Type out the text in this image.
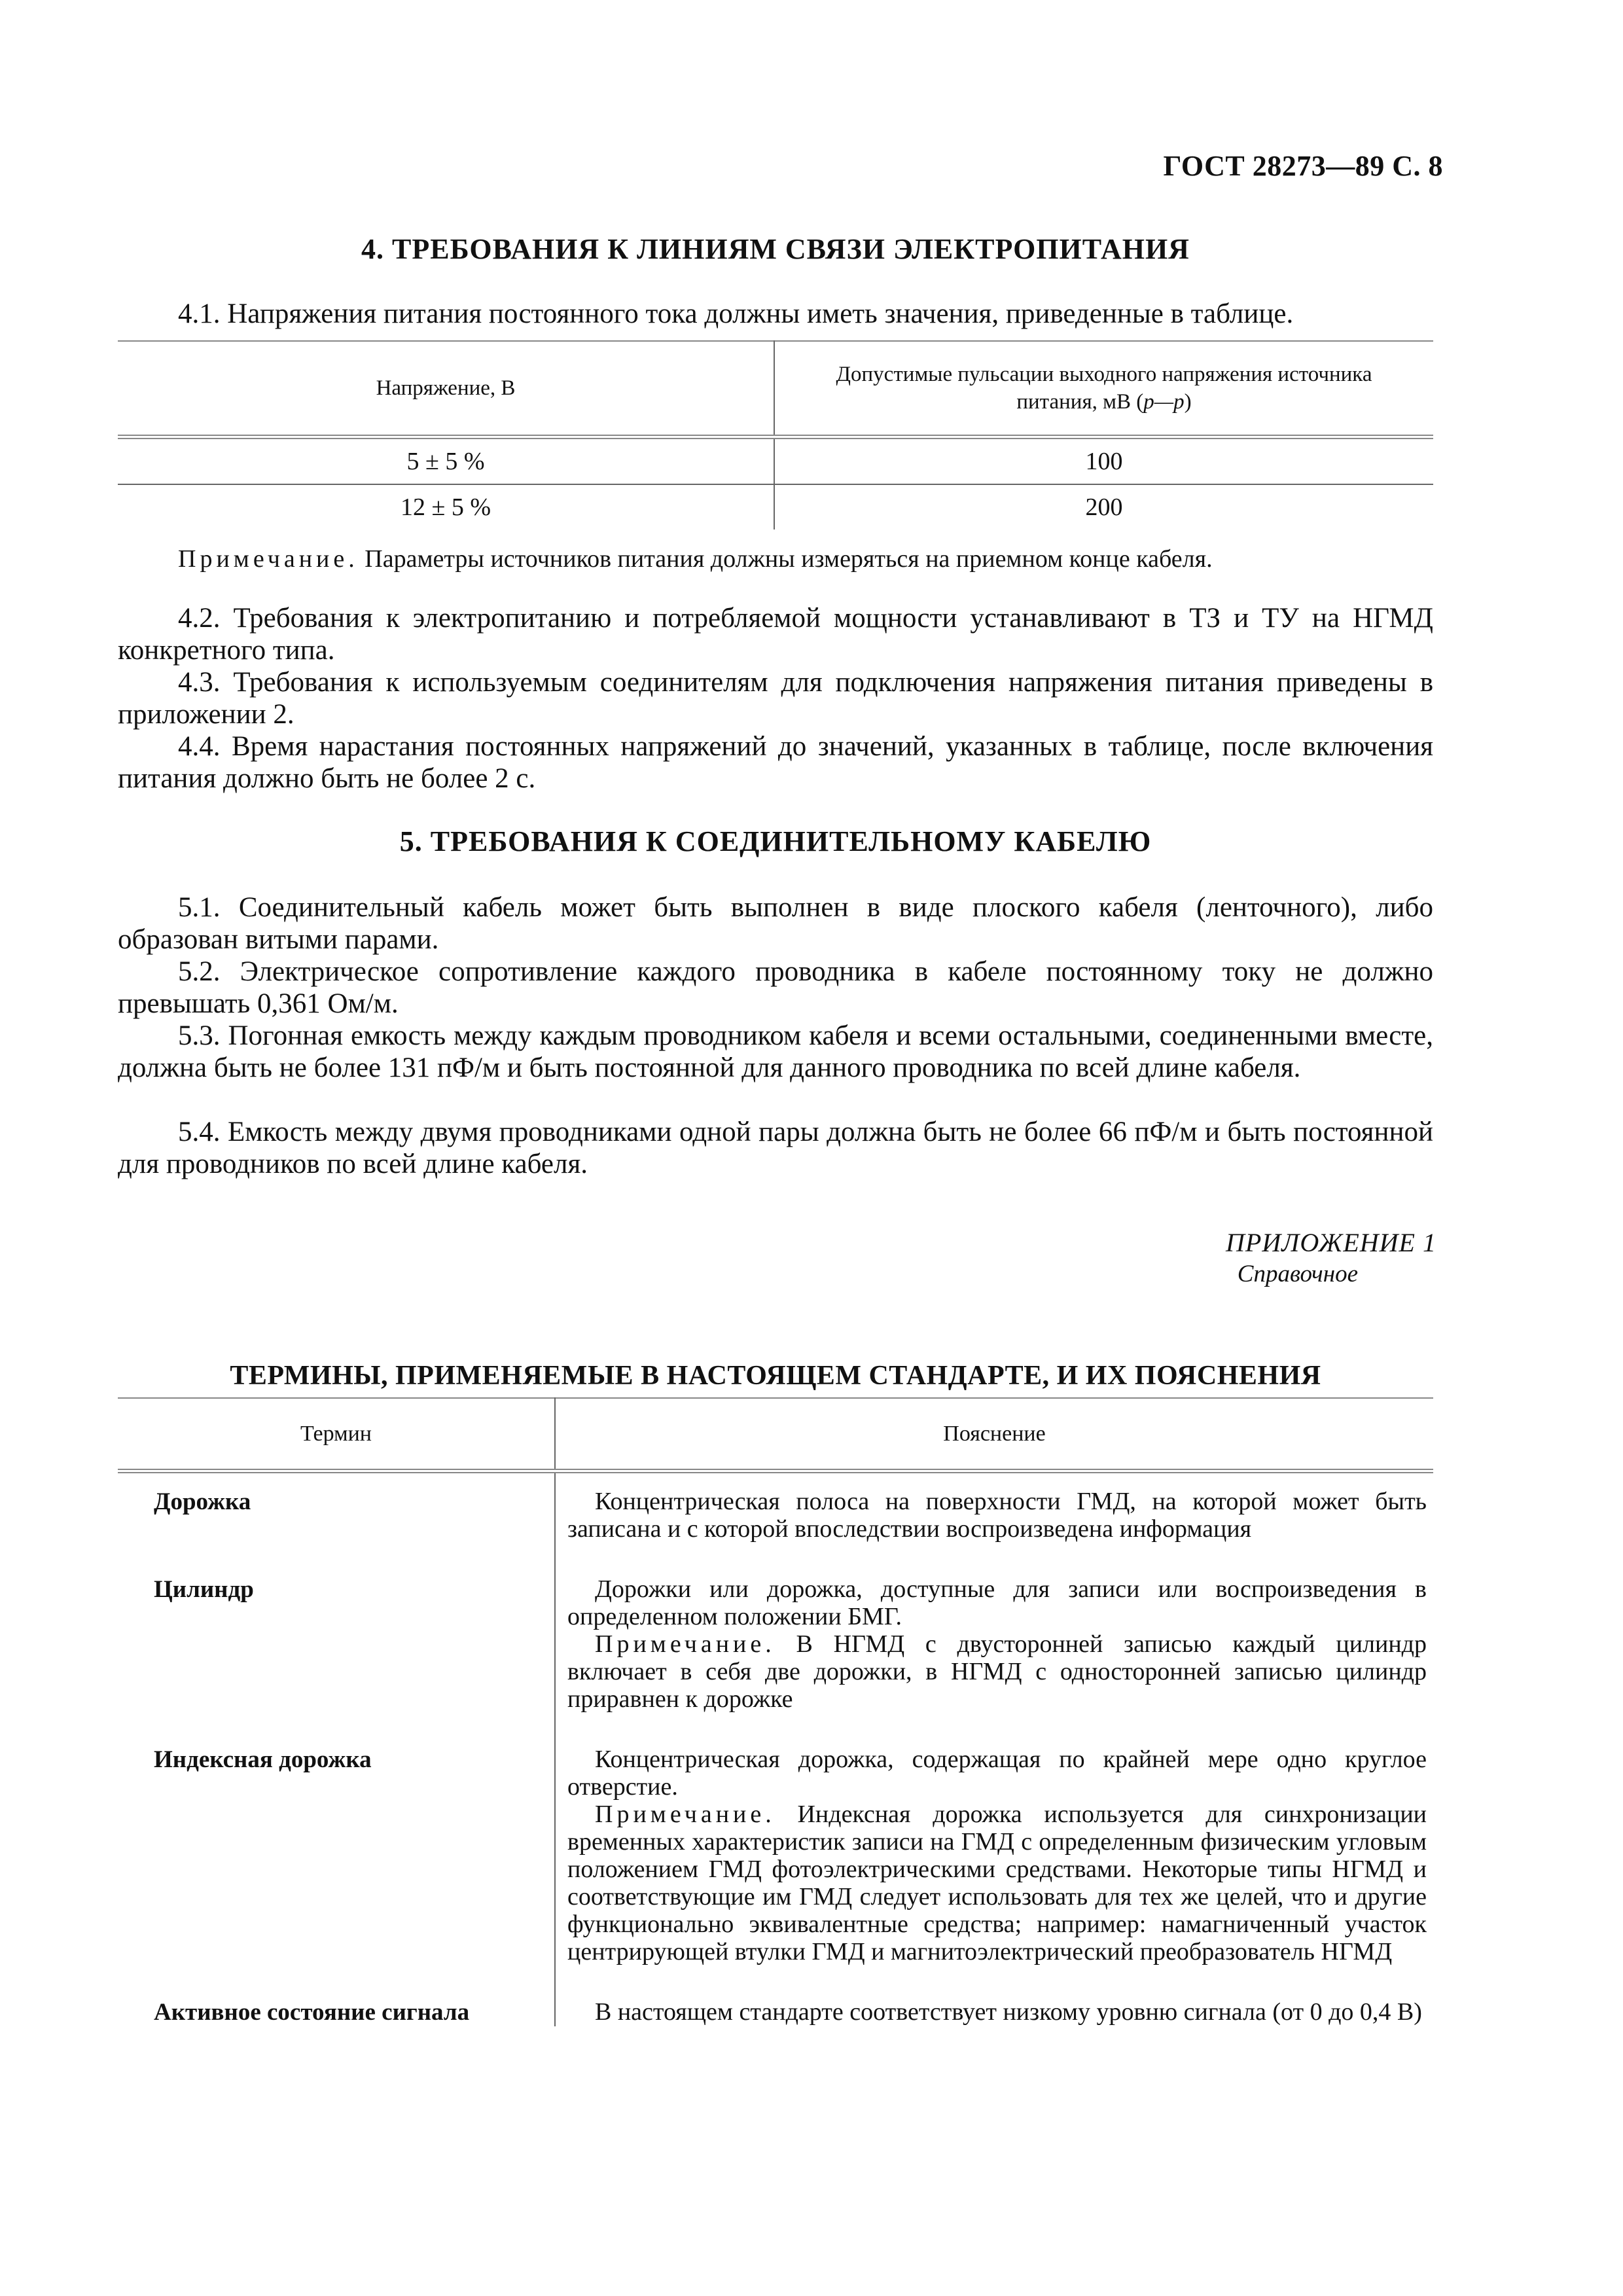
ГОСТ 28273—89 С. 8
4. ТРЕБОВАНИЯ К ЛИНИЯМ СВЯЗИ ЭЛЕКТРОПИТАНИЯ
4.1. Напряжения питания постоянного тока должны иметь значения, приведенные в таблице.
Напряжение, В	Допустимые пульсации выходного напряжения источника
питания, мВ (р—р)
5 ± 5 %	100
12 ± 5 %	200
Примечание. Параметры источников питания должны измеряться на приемном конце кабеля.
4.2. Требования к электропитанию и потребляемой мощности устанавливают в ТЗ и ТУ на НГМД конкретного типа.
4.3. Требования к используемым соединителям для подключения напряжения питания приведены в приложении 2.
4.4. Время нарастания постоянных напряжений до значений, указанных в таблице, после включения питания должно быть не более 2 с.
5. ТРЕБОВАНИЯ К СОЕДИНИТЕЛЬНОМУ КАБЕЛЮ
5.1. Соединительный кабель может быть выполнен в виде плоского кабеля (ленточного), либо образован витыми парами.
5.2. Электрическое сопротивление каждого проводника в кабеле постоянному току не должно превышать 0,361 Ом/м.
5.3. Погонная емкость между каждым проводником кабеля и всеми остальными, соединенными вместе, должна быть не более 131 пФ/м и быть постоянной для данного проводника по всей длине кабеля.
5.4. Емкость между двумя проводниками одной пары должна быть не более 66 пФ/м и быть постоянной для проводников по всей длине кабеля.
ПРИЛОЖЕНИЕ 1
Справочное
ТЕРМИНЫ, ПРИМЕНЯЕМЫЕ В НАСТОЯЩЕМ СТАНДАРТЕ, И ИХ ПОЯСНЕНИЯ
Термин	Пояснение
Дорожка	Концентрическая полоса на поверхности ГМД, на которой может быть записана и с которой впоследствии воспроизведена информация

Цилиндр	Дорожки или дорожка, доступные для записи или воспроизведения в определенном положении БМГ.

Примечание. В НГМД с двусторонней записью каждый цилиндр включает в себя две дорожки, в НГМД с односторонней записью цилиндр приравнен к дорожке

Индексная дорожка	Концентрическая дорожка, содержащая по крайней мере одно круглое отверстие.

Примечание. Индексная дорожка используется для синхронизации временных характеристик записи на ГМД с определенным физическим угловым положением ГМД фотоэлектрическими средствами. Некоторые типы НГМД и соответствующие им ГМД следует использовать для тех же целей, что и другие функционально эквивалентные средства; например: намагниченный участок центрирующей втулки ГМД и магнитоэлектрический преобразователь НГМД

Активное состояние сигнала	В настоящем стандарте соответствует низкому уровню сигнала (от 0 до 0,4 В)
